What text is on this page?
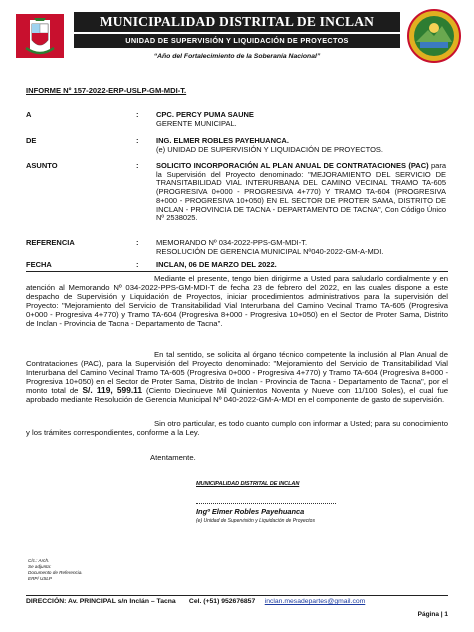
MUNICIPALIDAD DISTRITAL DE INCLAN
UNIDAD DE SUPERVISIÓN Y LIQUIDACIÓN DE PROYECTOS
“Año del Fortalecimiento de la Soberanía Nacional”
INFORME Nº 157-2022-ERP-USLP-GM-MDI-T.
A	: CPC. PERCY PUMA SAUNE
GERENTE MUNICIPAL.
DE	: ING. ELMER ROBLES PAYEHUANCA.
(e) UNIDAD DE SUPERVISIÓN Y LIQUIDACIÓN DE PROYECTOS.
ASUNTO	: SOLICITO INCORPORACIÓN AL PLAN ANUAL DE CONTRATACIONES (PAC) para la Supervisión del Proyecto denominado: "MEJORAMIENTO DEL SERVICIO DE TRANSITABILIDAD VIAL INTERURBANA DEL CAMINO VECINAL TRAMO TA-605 (PROGRESIVA 0+000 - PROGRESIVA 4+770) Y TRAMO TA-604 (PROGRESIVA 8+000 - PROGRESIVA 10+050) EN EL SECTOR DE PROTER SAMA, DISTRITO DE INCLAN - PROVINCIA DE TACNA - DEPARTAMENTO DE TACNA", Con Código Único Nº 2538025.
REFERENCIA	: MEMORANDO Nº 034-2022-PPS-GM-MDI-T.
RESOLUCIÓN DE GERENCIA MUNICIPAL Nº040-2022-GM-A-MDI.
FECHA	: INCLAN, 06 DE MARZO DEL 2022.
Mediante el presente, tengo bien dirigirme a Usted para saludarlo cordialmente y en atención al Memorando Nº 034-2022-PPS-GM-MDI-T de fecha 23 de febrero del 2022, en las cuales dispone a este despacho de Supervisión y Liquidación de Proyectos, iniciar procedimientos administrativos para la supervisión del Proyecto: "Mejoramiento del Servicio de Transitabilidad Vial Interurbana del Camino Vecinal Tramo TA-605 (Progresiva 0+000 - Progresiva 4+770) y Tramo TA-604 (Progresiva 8+000 - Progresiva 10+050) en el Sector de Proter Sama, Distrito de Inclan - Provincia de Tacna - Departamento de Tacna".
En tal sentido, se solicita al órgano técnico competente la inclusión al Plan Anual de Contrataciones (PAC), para la Supervisión del Proyecto denominado: "Mejoramiento del Servicio de Transitabilidad Vial Interurbana del Camino Vecinal Tramo TA-605 (Progresiva 0+000 - Progresiva 4+770) y Tramo TA-604 (Progresiva 8+000 - Progresiva 10+050) en el Sector de Proter Sama, Distrito de Inclan - Provincia de Tacna - Departamento de Tacna", por el monto total de S/. 119, 599.11 (Ciento Diecinueve Mil Quinientos Noventa y Nueve con 11/100 Soles), el cual fue aprobado mediante Resolución de Gerencia Municipal Nº 040-2022-GM-A-MDI en el componente de gasto de supervisión.
Sin otro particular, es todo cuanto cumplo con informar a Usted; para su conocimiento y los trámites correspondientes, conforme a la Ley.
Atentamente.
MUNICIPALIDAD DISTRITAL DE INCLAN
Ingº Elmer Robles Payehuanca
(e) Unidad de Supervisión y Liquidación de Proyectos
C/c.: Arch.
Se adjunta:
Documento de Referencia.
ERP/ USLP
DIRECCIÓN: Av. PRINCIPAL s/n Inclán – Tacna Cel. (+51) 952676857 inclan.mesadepartes@gmail.com
Página | 1
